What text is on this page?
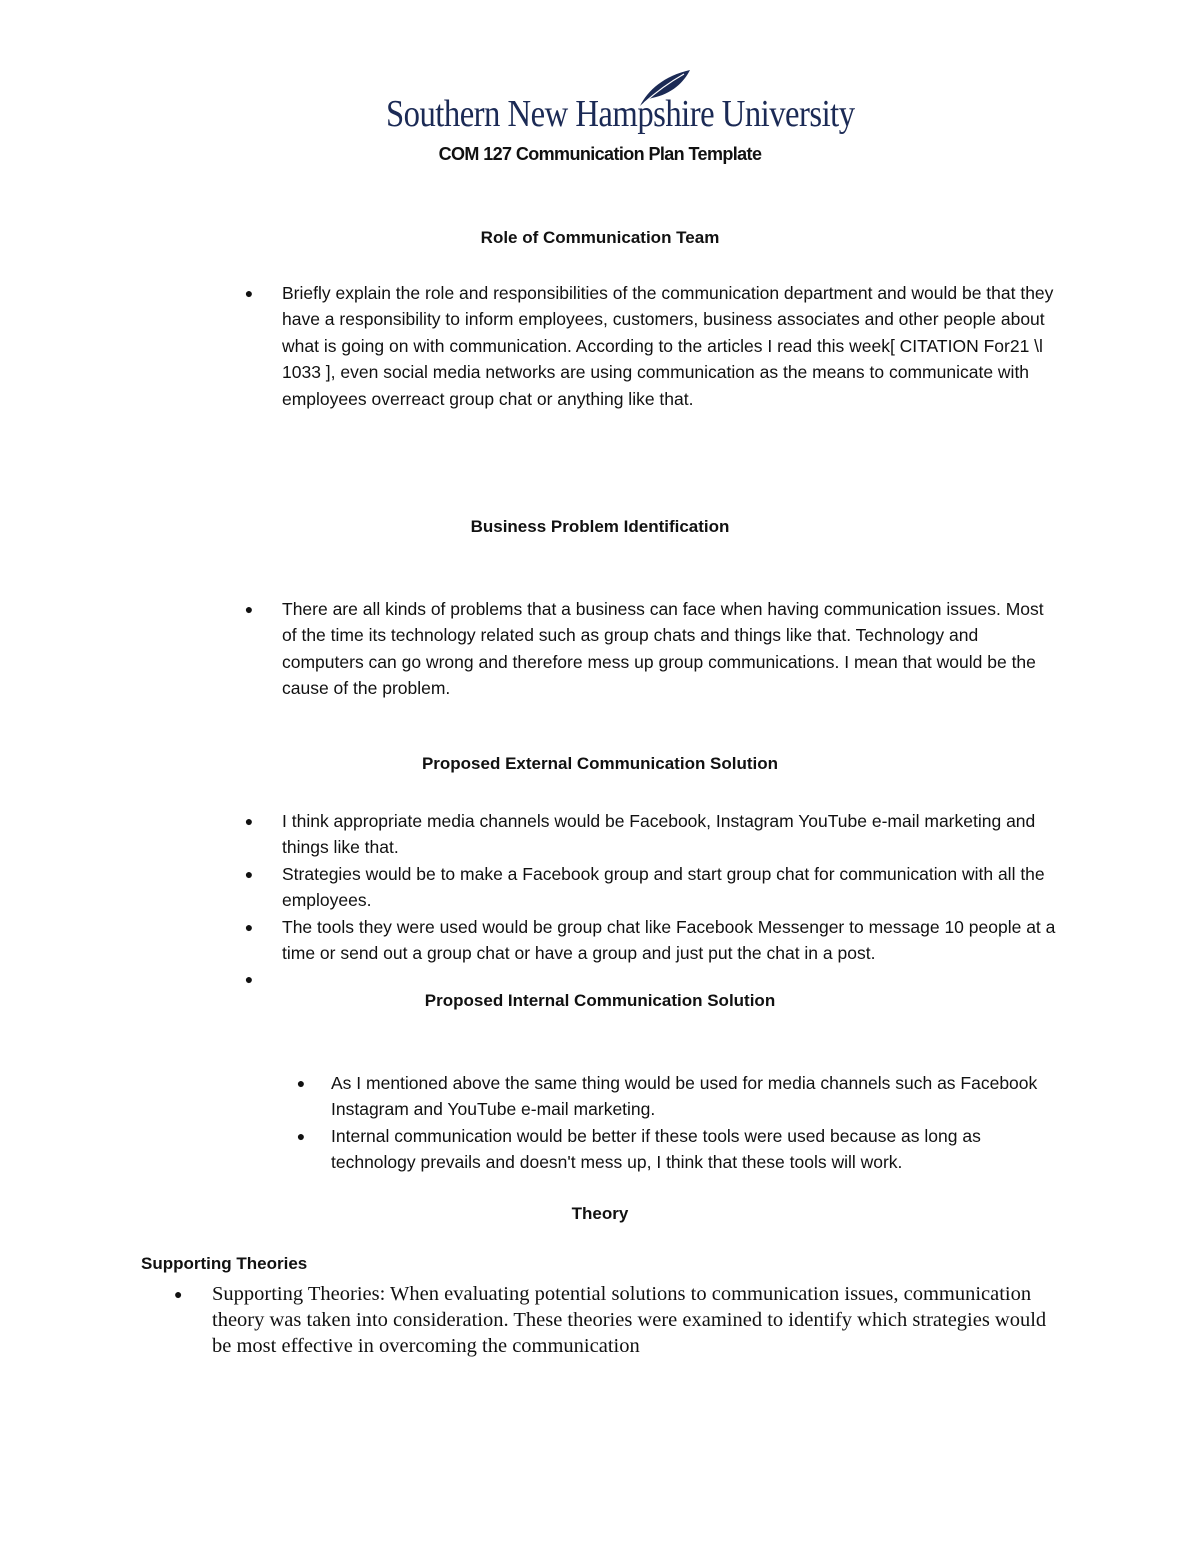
Southern New Hampshire University
COM 127 Communication Plan Template
Role of Communication Team
● Briefly explain the role and responsibilities of the communication department and would be that they have a responsibility to inform employees, customers, business associates and other people about what is going on with communication. According to the articles I read this week[ CITATION For21 \l 1033 ], even social media networks are using communication as the means to communicate with employees overreact group chat or anything like that.
Business Problem Identification
● There are all kinds of problems that a business can face when having communication issues. Most of the time its technology related such as group chats and things like that. Technology and computers can go wrong and therefore mess up group communications. I mean that would be the cause of the problem.
Proposed External Communication Solution
● I think appropriate media channels would be Facebook, Instagram YouTube e-mail marketing and things like that.
● Strategies would be to make a Facebook group and start group chat for communication with all the employees.
● The tools they were used would be group chat like Facebook Messenger to message 10 people at a time or send out a group chat or have a group and just put the chat in a post.
●
Proposed Internal Communication Solution
● As I mentioned above the same thing would be used for media channels such as Facebook Instagram and YouTube e-mail marketing.
● Internal communication would be better if these tools were used because as long as technology prevails and doesn't mess up, I think that these tools will work.
Theory
Supporting Theories
● Supporting Theories: When evaluating potential solutions to communication issues, communication theory was taken into consideration. These theories were examined to identify which strategies would be most effective in overcoming the communication
